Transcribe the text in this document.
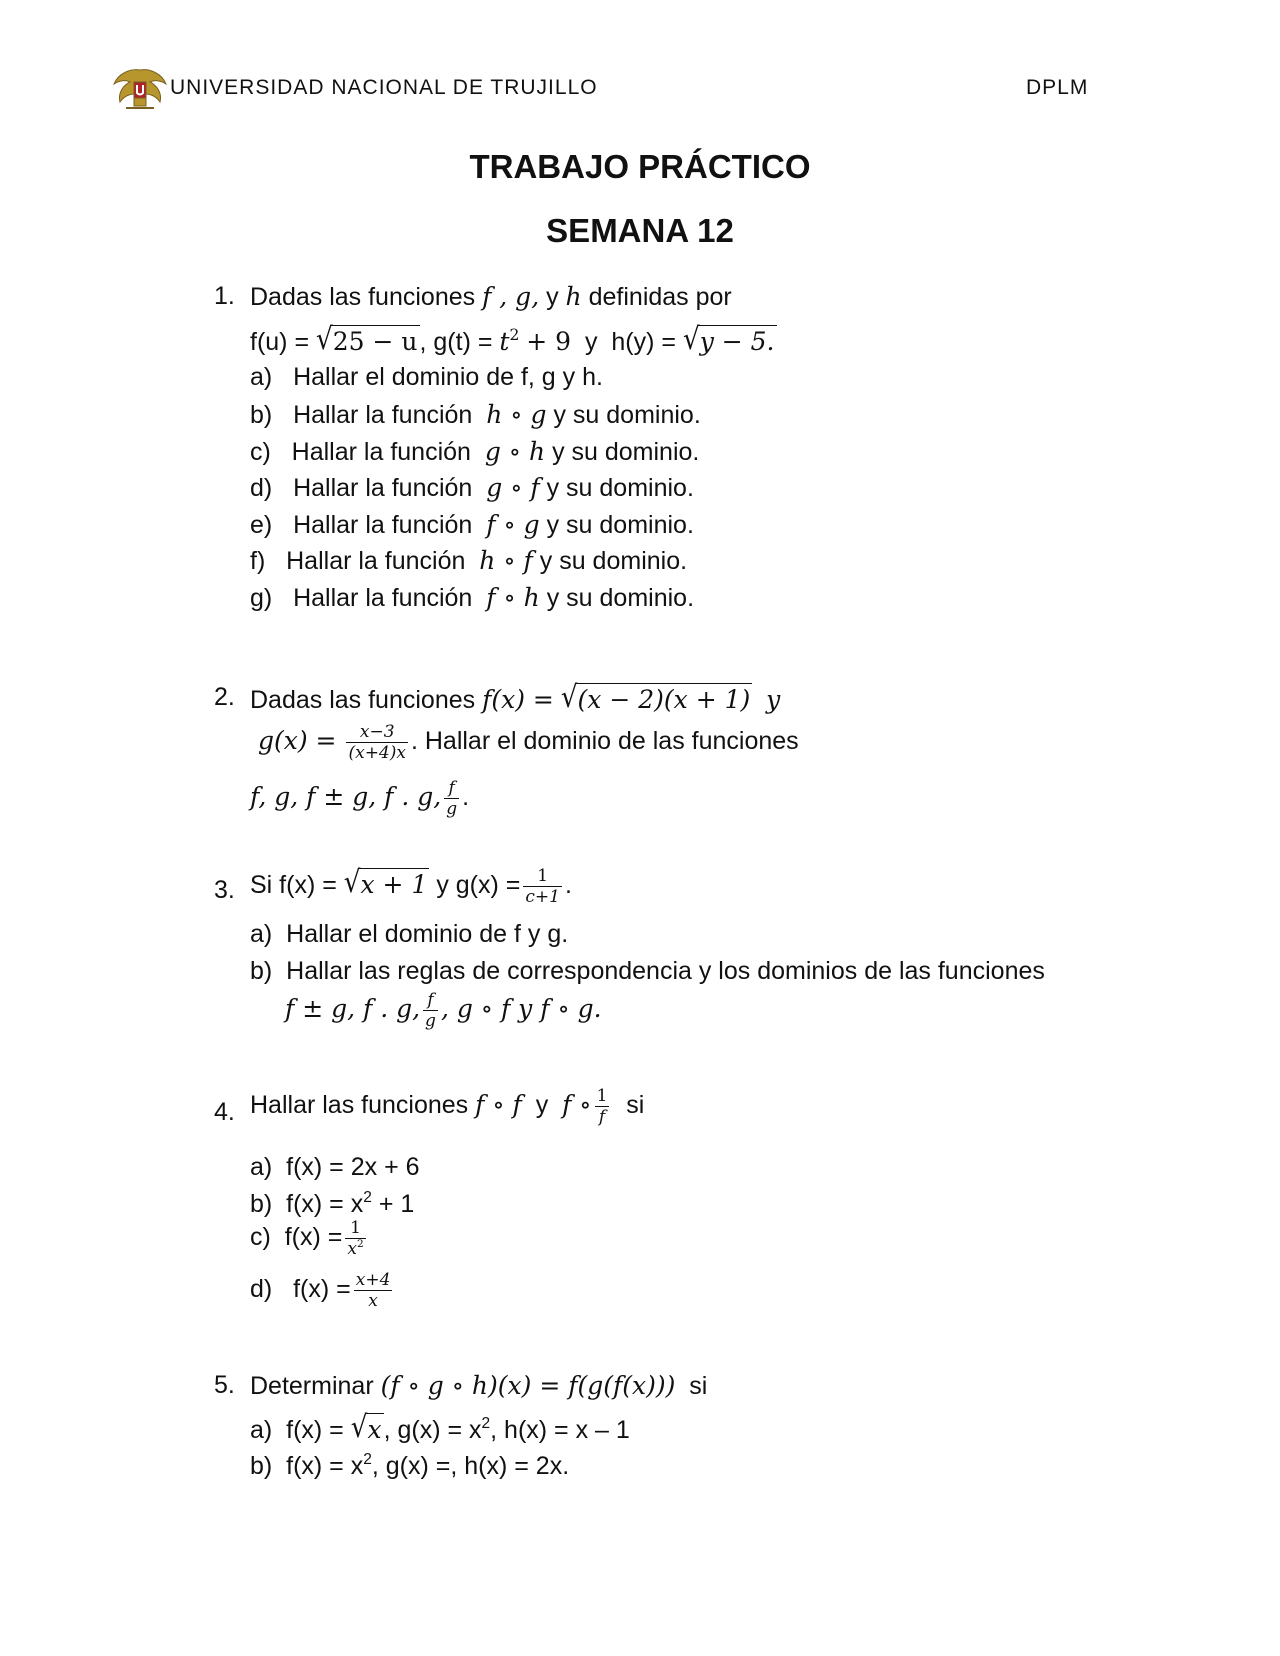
UNIVERSIDAD NACIONAL DE TRUJILLO	DPLM
TRABAJO PRÁCTICO
SEMANA 12
1. Dadas las funciones f , g, y h definidas por
f(u) = √25 − u, $g(t) = t^2 + 9$ y h(y) = √y − 5.
a) Hallar el dominio de f, g y h.
b) Hallar la función h ∘ g y su dominio.
c) Hallar la función g ∘ h y su dominio.
d) Hallar la función g ∘ f y su dominio.
e) Hallar la función f ∘ g y su dominio.
f) Hallar la función h ∘ f y su dominio.
g) Hallar la función f ∘ h y su dominio.
2. Dadas las funciones f(x) = √(x − 2)(x + 1) y
$g(x) = \frac{x-3}{(x+4)x}$ . Hallar el dominio de las funciones
f, g, f ± g, f . g, $\frac{f}{g}$ .
3. Si f(x) = √x + 1 y $g(x) = \frac{1}{c+1}$ .
a) Hallar el dominio de f y g.
b) Hallar las reglas de correspondencia y los dominios de las funciones
f ± g, f . g, $\frac{f}{g}$ , g ∘ f y f ∘ g.
4. Hallar las funciones f ∘ f y f ∘ $\frac{1}{f}$ si
a) f(x) = 2x + 6
b) $f(x) = x^2 + 1$
c) $f(x) = \frac{1}{x^2}$
d) $f(x) = \frac{x+4}{x}$
5. Determinar (f ∘ g ∘ h)(x) = f(g(f(x))) si
a) f(x) = √x, $g(x) = x^2$, h(x) = x – 1
b) $f(x) = x^2$, g(x) =, h(x) = 2x.
